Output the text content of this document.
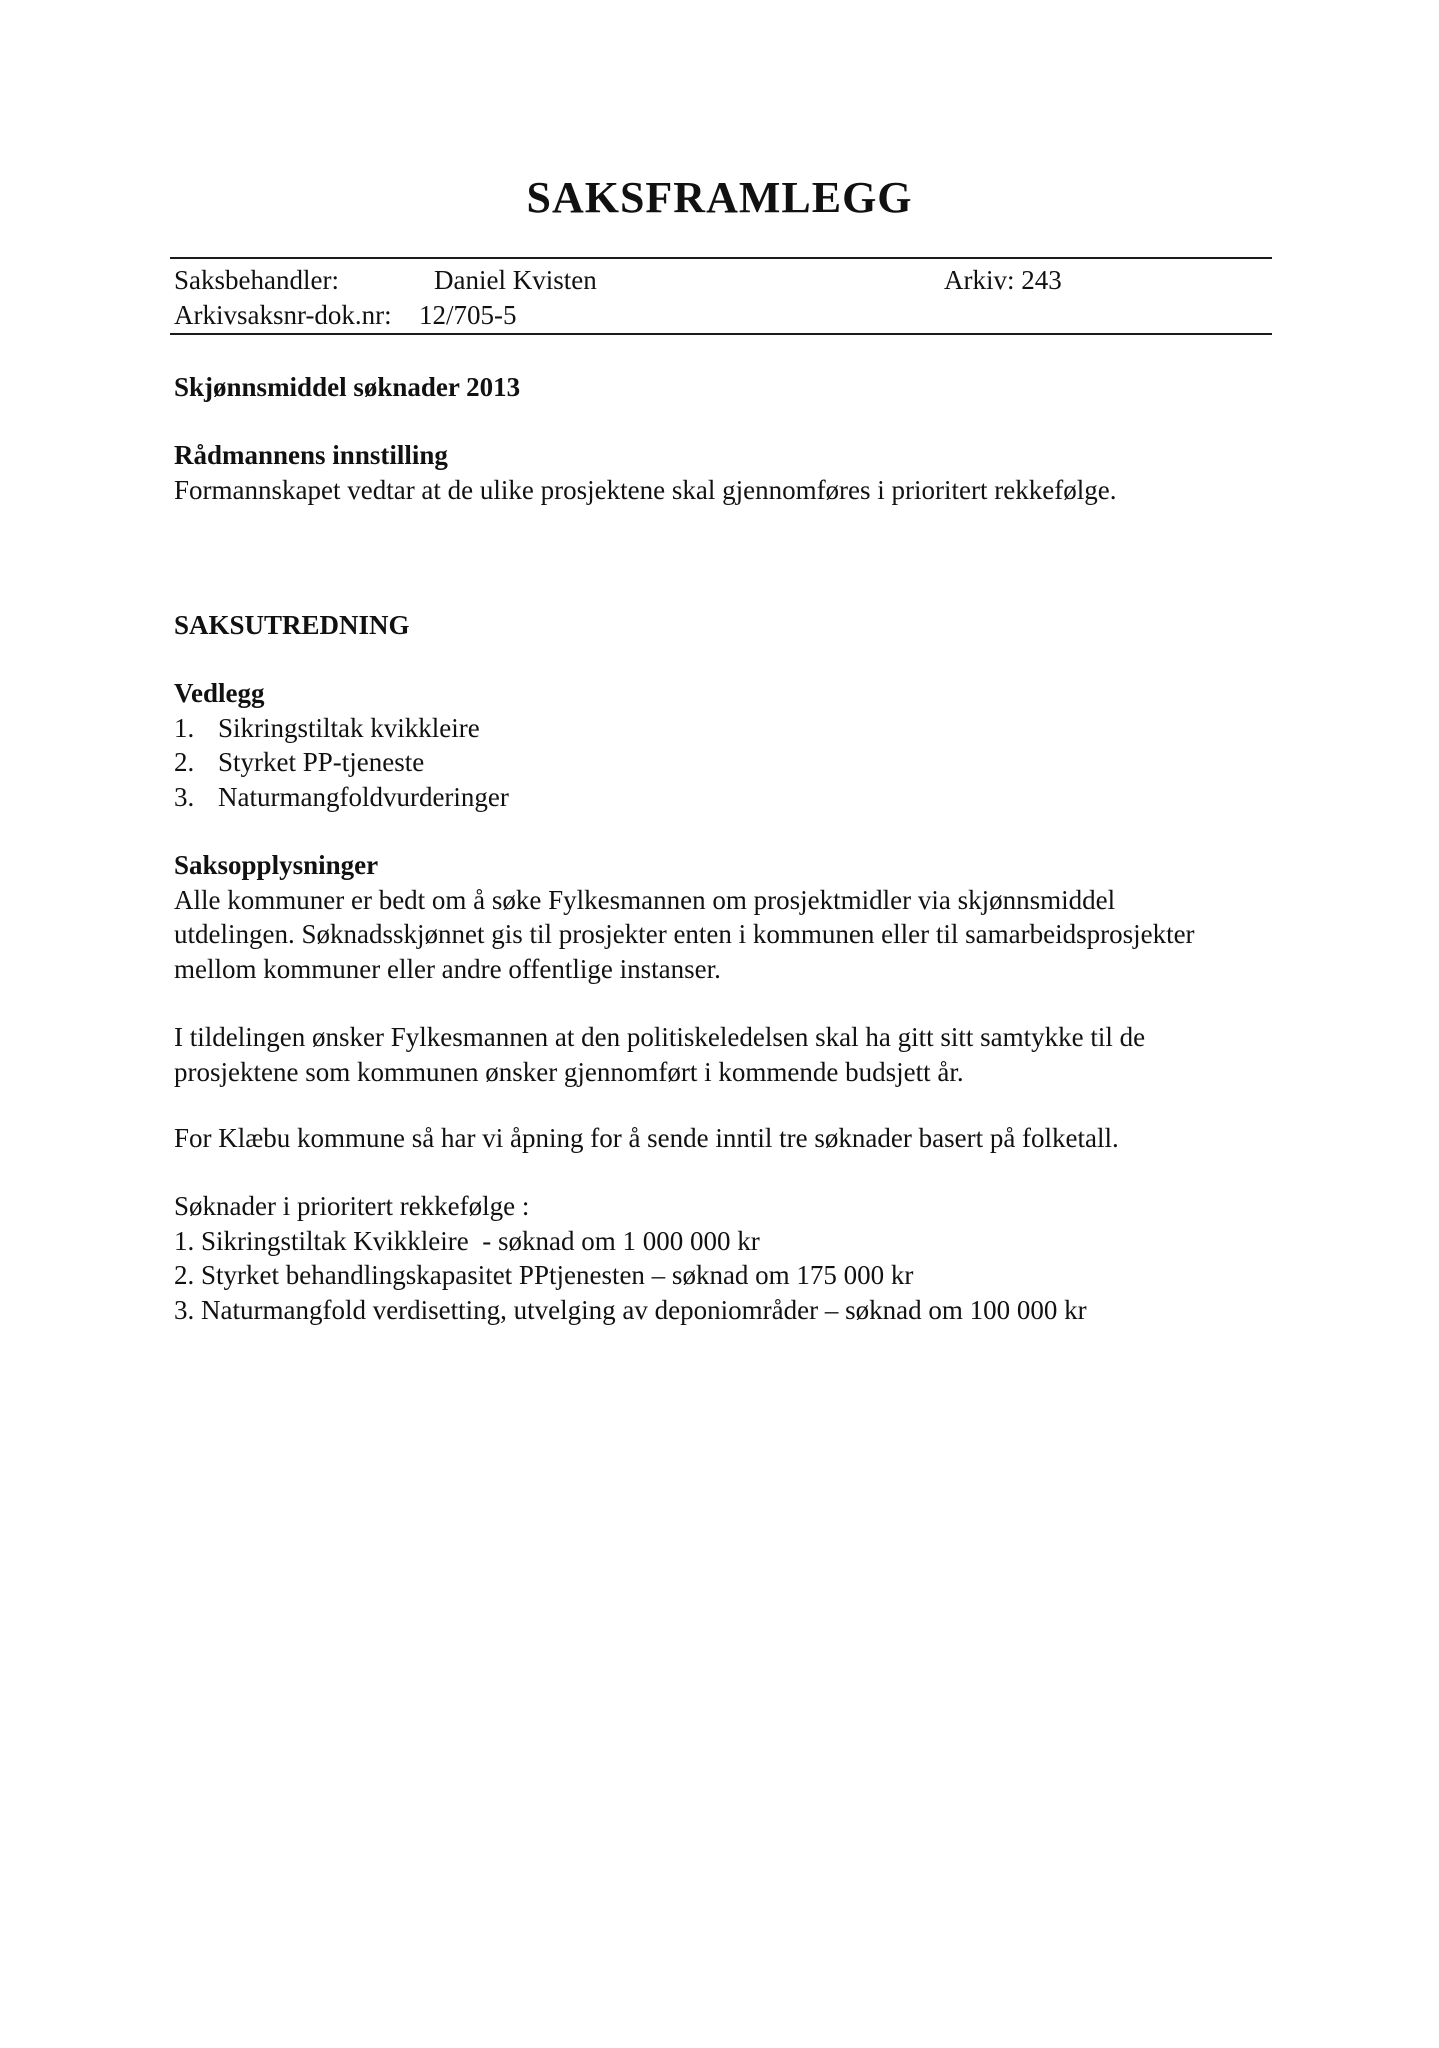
SAKSFRAMLEGG
Saksbehandler:	Daniel Kvisten	Arkiv: 243
Arkivsaksnr-dok.nr: 12/705-5

Skjønnsmiddel søknader 2013

Rådmannens innstilling

Formannskapet vedtar at de ulike prosjektene skal gjennomføres i prioritert rekkefølge.

SAKSUTREDNING

Vedlegg

1. Sikringstiltak kvikkleire
2. Styrket PP-tjeneste
3. Naturmangfoldvurderinger

Saksopplysninger

Alle kommuner er bedt om å søke Fylkesmannen om prosjektmidler via skjønnsmiddel utdelingen. Søknadsskjønnet gis til prosjekter enten i kommunen eller til samarbeidsprosjekter mellom kommuner eller andre offentlige instanser.

I tildelingen ønsker Fylkesmannen at den politiskeledelsen skal ha gitt sitt samtykke til de prosjektene som kommunen ønsker gjennomført i kommende budsjett år.

For Klæbu kommune så har vi åpning for å sende inntil tre søknader basert på folketall.

Søknader i prioritert rekkefølge :

1. Sikringstiltak Kvikkleire  - søknad om 1 000 000 kr

2. Styrket behandlingskapasitet PPtjenesten – søknad om 175 000 kr

3. Naturmangfold verdisetting, utvelging av deponiområder – søknad om 100 000 kr
